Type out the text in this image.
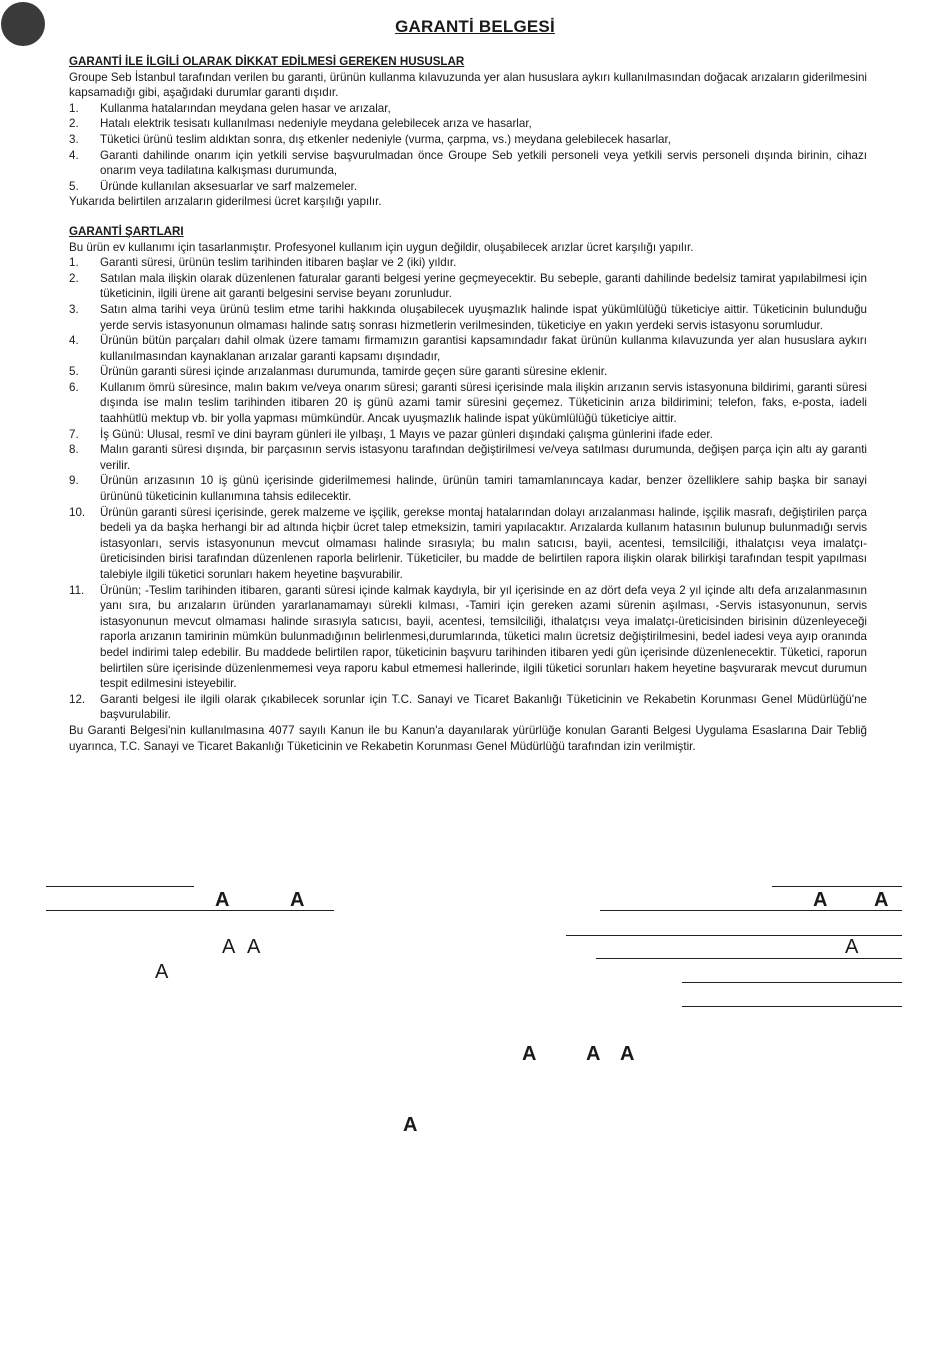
GARANTİ BELGESİ
GARANTİ İLE İLGİLİ OLARAK DİKKAT EDİLMESİ GEREKEN HUSUSLAR

Groupe Seb İstanbul tarafından verilen bu garanti, ürünün kullanma kılavuzunda yer alan hususlara aykırı kullanılmasından doğacak arızaların giderilmesini kapsamadığı gibi, aşağıdaki durumlar garanti dışıdır.

1. Kullanma hatalarından meydana gelen hasar ve arızalar,
2. Hatalı elektrik tesisatı kullanılması nedeniyle meydana gelebilecek arıza ve hasarlar,
3. Tüketici ürünü teslim aldıktan sonra, dış etkenler nedeniyle (vurma, çarpma, vs.) meydana gelebilecek hasarlar,
4. Garanti dahilinde onarım için yetkili servise başvurulmadan önce Groupe Seb yetkili personeli veya yetkili servis personeli dışında birinin, cihazı onarım veya tadilatına kalkışması durumunda,
5. Üründe kullanılan aksesuarlar ve sarf malzemeler.

Yukarıda belirtilen arızaların giderilmesi ücret karşılığı yapılır.

GARANTİ ŞARTLARI

Bu ürün ev kullanımı için tasarlanmıştır. Profesyonel kullanım için uygun değildir, oluşabilecek arızlar ücret karşılığı yapılır.

1. Garanti süresi, ürünün teslim tarihinden itibaren başlar ve 2 (iki) yıldır.
2. Satılan mala ilişkin olarak düzenlenen faturalar garanti belgesi yerine geçmeyecektir. Bu sebeple, garanti dahilinde bedelsiz tamirat yapılabilmesi için tüketicinin, ilgili ürene ait garanti belgesini servise beyanı zorunludur.
3. Satın alma tarihi veya ürünü teslim etme tarihi hakkında oluşabilecek uyuşmazlık halinde ispat yükümlülüğü tüketiciye aittir. Tüketicinin bulunduğu yerde servis istasyonunun olmaması halinde satış sonrası hizmetlerin verilmesinden, tüketiciye en yakın yerdeki servis istasyonu sorumludur.
4. Ürünün bütün parçaları dahil olmak üzere tamamı firmamızın garantisi kapsamındadır fakat ürünün kullanma kılavuzunda yer alan hususlara aykırı kullanılmasından kaynaklanan arızalar garanti kapsamı dışındadır,
5. Ürünün garanti süresi içinde arızalanması durumunda, tamirde geçen süre garanti süresine eklenir.
6. Kullanım ömrü süresince, malın bakım ve/veya onarım süresi; garanti süresi içerisinde mala ilişkin arızanın servis istasyonuna bildirimi, garanti süresi dışında ise malın teslim tarihinden itibaren 20 iş günü azami tamir süresini geçemez. Tüketicinin arıza bildirimini; telefon, faks, e-posta, iadeli taahhütlü mektup vb. bir yolla yapması mümkündür. Ancak uyuşmazlık halinde ispat yükümlülüğü tüketiciye aittir.
7. İş Günü: Ulusal, resmî ve dini bayram günleri ile yılbaşı, 1 Mayıs ve pazar günleri dışındaki çalışma günlerini ifade eder.
8. Malın garanti süresi dışında, bir parçasının servis istasyonu tarafından değiştirilmesi ve/veya satılması durumunda, değişen parça için altı ay garanti verilir.
9. Ürünün arızasının 10 iş günü içerisinde giderilmemesi halinde, ürünün tamiri tamamlanıncaya kadar, benzer özelliklere sahip başka bir sanayi ürününü tüketicinin kullanımına tahsis edilecektir.
10. Ürünün garanti süresi içerisinde, gerek malzeme ve işçilik, gerekse montaj hatalarından dolayı arızalanması halinde, işçilik masrafı, değiştirilen parça bedeli ya da başka herhangi bir ad altında hiçbir ücret talep etmeksizin, tamiri yapılacaktır. Arızalarda kullanım hatasının bulunup bulunmadığı servis istasyonları, servis istasyonunun mevcut olmaması halinde sırasıyla; bu malın satıcısı, bayii, acentesi, temsilciliği, ithalatçısı veya imalatçı-üreticisinden birisi tarafından düzenlenen raporla belirlenir. Tüketiciler, bu madde de belirtilen rapora ilişkin olarak bilirkişi tarafından tespit yapılması talebiyle ilgili tüketici sorunları hakem heyetine başvurabilir.
11. Ürünün; -Teslim tarihinden itibaren, garanti süresi içinde kalmak kaydıyla, bir yıl içerisinde en az dört defa veya 2 yıl içinde altı defa arızalanmasının yanı sıra, bu arızaların üründen yararlanamamayı sürekli kılması, -Tamiri için gereken azami sürenin aşılması, -Servis istasyonunun, servis istasyonunun mevcut olmaması halinde sırasıyla satıcısı, bayii, acentesi, temsilciliği, ithalatçısı veya imalatçı-üreticisinden birisinin düzenleyeceği raporla arızanın tamirinin mümkün bulunmadığının belirlenmesi,durumlarında, tüketici malın ücretsiz değiştirilmesini, bedel iadesi veya ayıp oranında bedel indirimi talep edebilir. Bu maddede belirtilen rapor, tüketicinin başvuru tarihinden itibaren yedi gün içerisinde düzenlenecektir. Tüketici, raporun belirtilen süre içerisinde düzenlenmemesi veya raporu kabul etmemesi hallerinde, ilgili tüketici sorunları hakem heyetine başvurarak mevcut durumun tespit edilmesini isteyebilir.
12. Garanti belgesi ile ilgili olarak çıkabilecek sorunlar için T.C. Sanayi ve Ticaret Bakanlığı Tüketicinin ve Rekabetin Korunması Genel Müdürlüğü'ne başvurulabilir.

Bu Garanti Belgesi'nin kullanılmasına 4077 sayılı Kanun ile bu Kanun'a dayanılarak yürürlüğe konulan Garanti Belgesi Uygulama Esaslarına Dair Tebliğ uyarınca, T.C. Sanayi ve Ticaret Bakanlığı Tüketicinin ve Rekabetin Korunması Genel Müdürlüğü tarafından izin verilmiştir.

A	A	A A
A A	A
A
A A A
A
